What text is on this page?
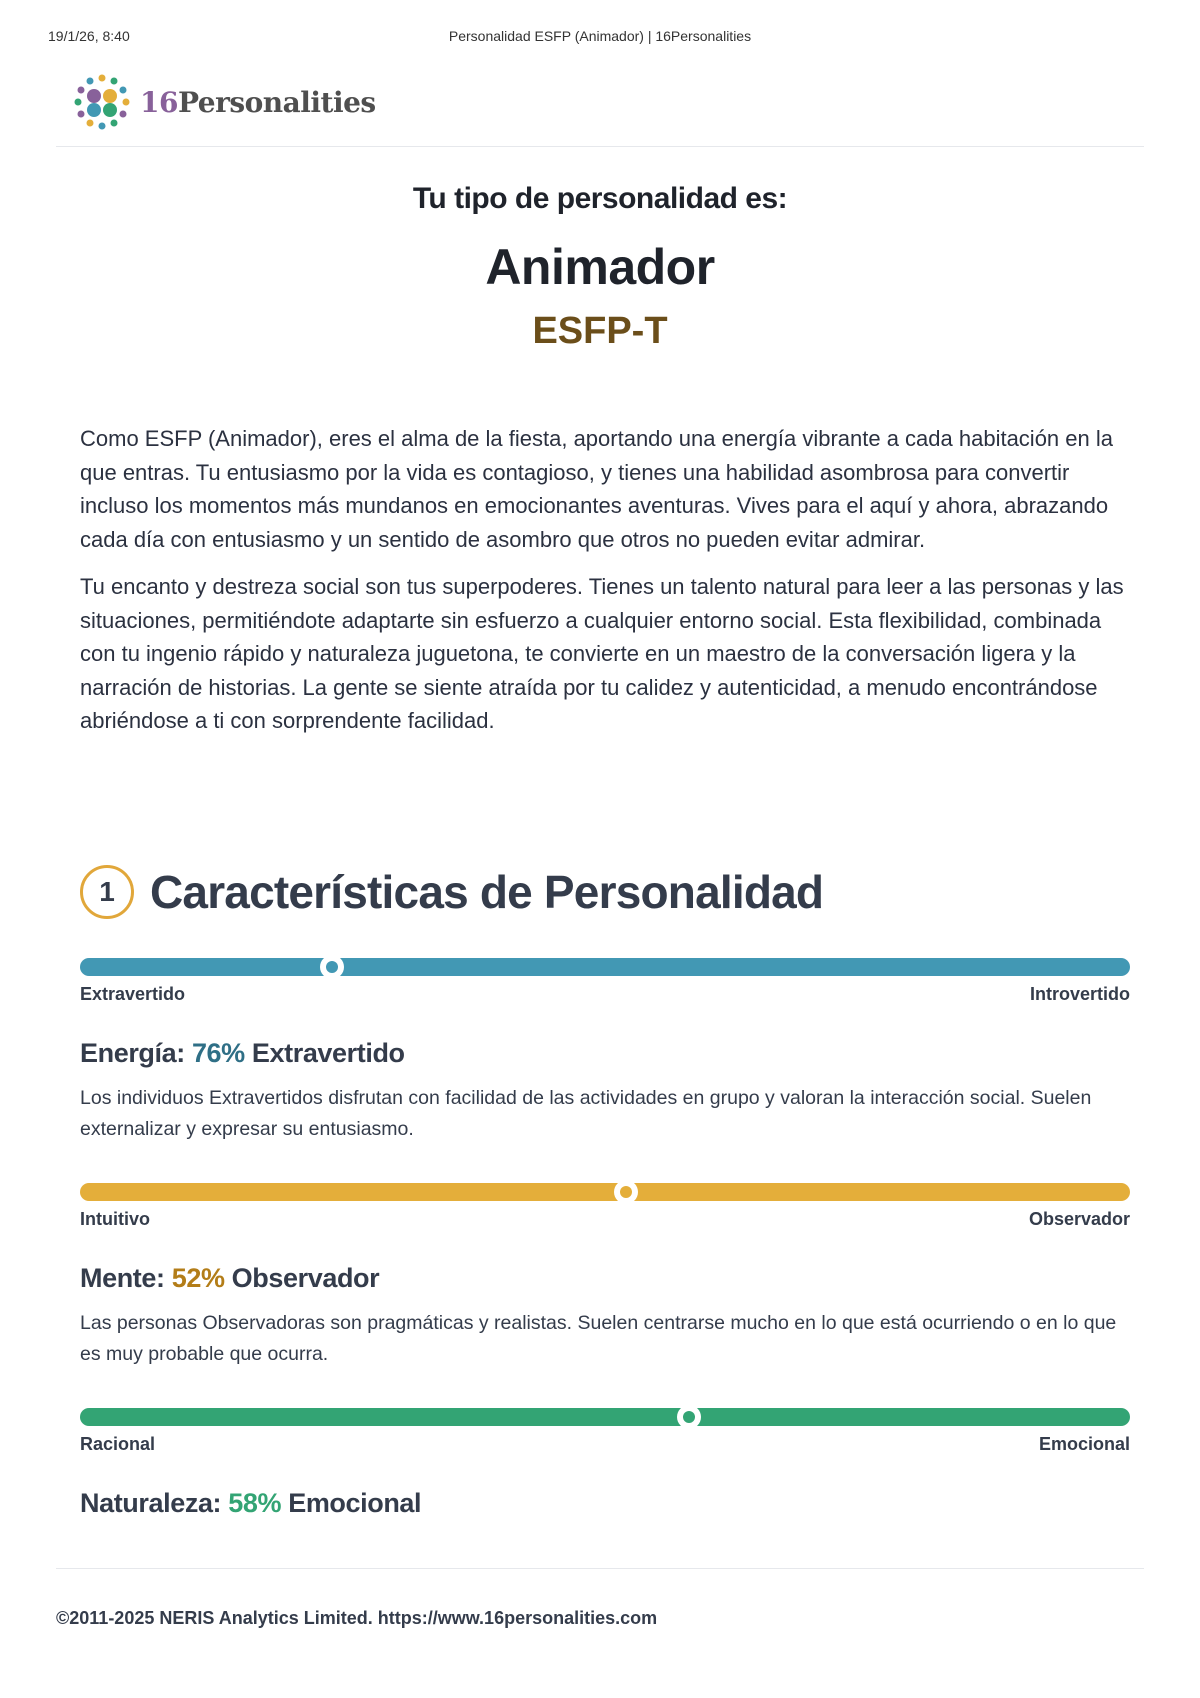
19/1/26, 8:40	Personalidad ESFP (Animador) | 16Personalities
16Personalities
Tu tipo de personalidad es:
Animador
ESFP-T

Como ESFP (Animador), eres el alma de la fiesta, aportando una energía vibrante a cada habitación en la que entras. Tu entusiasmo por la vida es contagioso, y tienes una habilidad asombrosa para convertir incluso los momentos más mundanos en emocionantes aventuras. Vives para el aquí y ahora, abrazando cada día con entusiasmo y un sentido de asombro que otros no pueden evitar admirar.

Tu encanto y destreza social son tus superpoderes. Tienes un talento natural para leer a las personas y las situaciones, permitiéndote adaptarte sin esfuerzo a cualquier entorno social. Esta flexibilidad, combinada con tu ingenio rápido y naturaleza juguetona, te convierte en un maestro de la conversación ligera y la narración de historias. La gente se siente atraída por tu calidez y autenticidad, a menudo encontrándose abriéndose a ti con sorprendente facilidad.

1 Características de Personalidad
Extravertido	Introvertido
Energía: 76% Extravertido

Los individuos Extravertidos disfrutan con facilidad de las actividades en grupo y valoran la interacción social. Suelen externalizar y expresar su entusiasmo.

Intuitivo	Observador
Mente: 52% Observador

Las personas Observadoras son pragmáticas y realistas. Suelen centrarse mucho en lo que está ocurriendo o en lo que es muy probable que ocurra.

Racional	Emocional
Naturaleza: 58% Emocional
©2011-2025 NERIS Analytics Limited. https://www.16personalities.com
